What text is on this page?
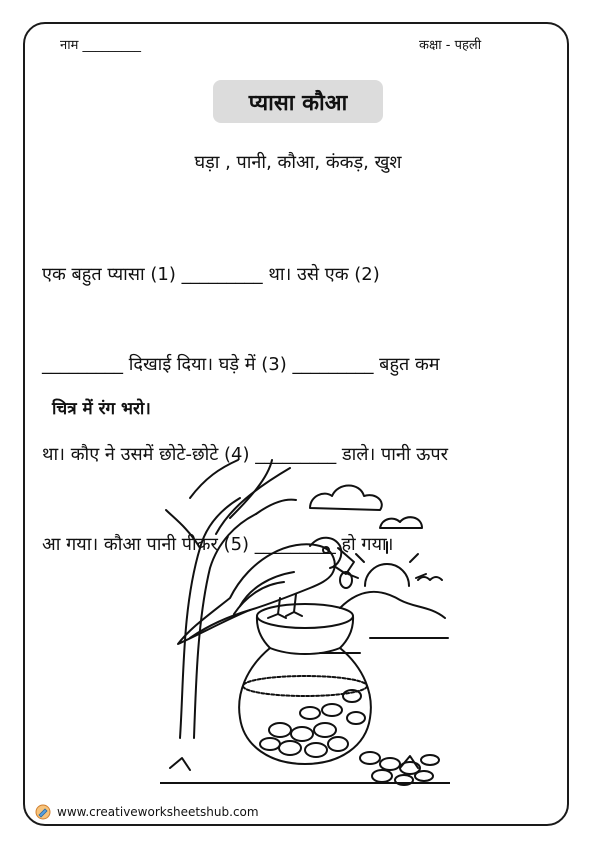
नाम _________	कक्षा - पहली
प्यासा कौआ
घड़ा , पानी, कौआ, कंकड़, खुश

एक बहुत प्यासा (1) _________ था। उसे एक (2)

_________ दिखाई दिया। घड़े में (3) _________ बहुत कम

था। कौए ने उसमें छोटे-छोटे (4) _________ डाले। पानी ऊपर

आ गया। कौआ पानी पीकर (5) _________ हो गया।

चित्र में रंग भरो।
www.creativeworksheetshub.com
